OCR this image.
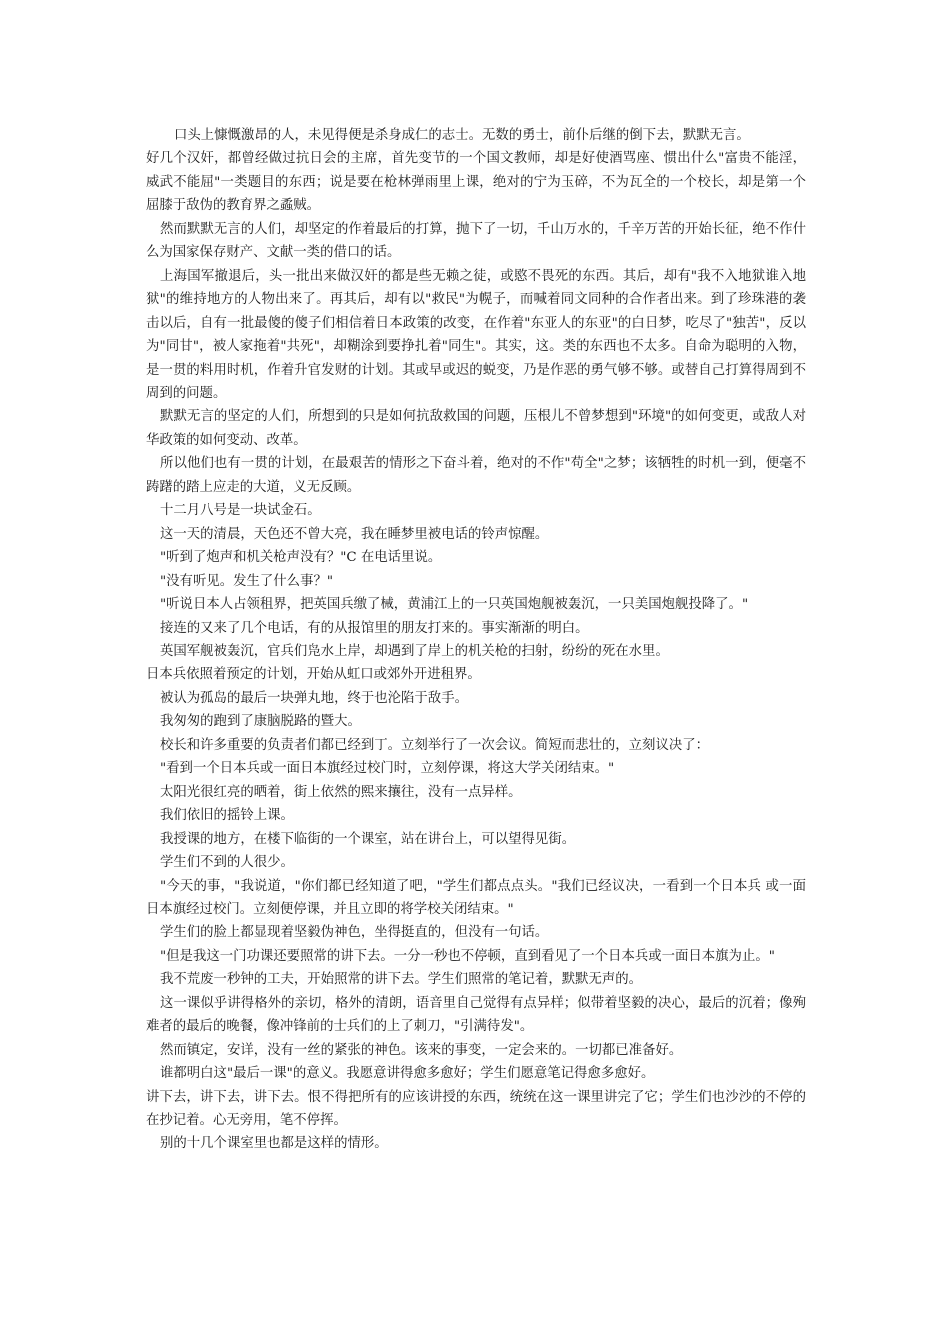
口头上慷慨激昂的人，未见得便是杀身成仁的志士。无数的勇士，前仆后继的倒下去，默默无言。

好几个汉奸，都曾经做过抗日会的主席，首先变节的一个国文教师，却是好使酒骂座、惯出什么"富贵不能淫，威武不能屈"一类题目的东西；说是要在枪林弹雨里上课，绝对的宁为玉碎，不为瓦全的一个校长，却是第一个屈膝于敌伪的教育界之蟊贼。

然而默默无言的人们，却坚定的作着最后的打算，抛下了一切，千山万水的，千辛万苦的开始长征，绝不作什么为国家保存财产、文献一类的借口的话。

上海国军撤退后，头一批出来做汉奸的都是些无赖之徒，或愍不畏死的东西。其后，却有"我不入地狱谁入地狱"的维持地方的人物出来了。再其后，却有以"救民"为幌子，而喊着同文同种的合作者出来。到了珍珠港的袭击以后，自有一批最傻的傻子们相信着日本政策的改变，在作着"东亚人的东亚"的白日梦，吃尽了"独苦"，反以为"同甘"，被人家拖着"共死"，却糊涂到要挣扎着"同生"。其实，这。类的东西也不太多。自命为聪明的入物，是一贯的料用时机，作着升官发财的计划。其或早或迟的蜕变，乃是作恶的勇气够不够。或替自己打算得周到不周到的问题。

默默无言的坚定的人们，所想到的只是如何抗敌救国的问题，压根儿不曾梦想到"环境"的如何变更，或敌人对华政策的如何变动、改革。

所以他们也有一贯的计划，在最艰苦的情形之下奋斗着，绝对的不作"苟全"之梦；该牺牲的时机一到，便毫不踌躇的踏上应走的大道，义无反顾。

十二月八号是一块试金石。

这一天的清晨，天色还不曾大亮，我在睡梦里被电话的铃声惊醒。

"听到了炮声和机关枪声没有？"C 在电话里说。

"没有听见。发生了什么事？"

"听说日本人占领租界，把英国兵缴了械，黄浦江上的一只英国炮舰被轰沉，一只美国炮舰投降了。"

接连的又来了几个电话，有的从报馆里的朋友打来的。事实渐渐的明白。

英国军舰被轰沉，官兵们凫水上岸，却遇到了岸上的机关枪的扫射，纷纷的死在水里。

日本兵依照着预定的计划，开始从虹口或郊外开进租界。

被认为孤岛的最后一块弹丸地，终于也沦陷于敌手。

我匆匆的跑到了康脑脱路的暨大。

校长和许多重要的负责者们都已经到丁。立刻举行了一次会议。简短而悲壮的，立刻议决了：

"看到一个日本兵或一面日本旗经过校门时，立刻停课，将这大学关闭结束。"

太阳光很红亮的晒着，街上依然的熙来攘往，没有一点异样。

我们依旧的摇铃上课。

我授课的地方，在楼下临街的一个课室，站在讲台上，可以望得见街。

学生们不到的人很少。

"今天的事，"我说道，"你们都已经知道了吧，"学生们都点点头。"我们已经议决，一看到一个日本兵 或一面日本旗经过校门。立刻便停课，并且立即的将学校关闭结束。"

学生们的脸上都显现着坚毅伪神色，坐得挺直的，但没有一句话。

"但是我这一门功课还要照常的讲下去。一分一秒也不停顿，直到看见了一个日本兵或一面日本旗为止。"

我不荒废一秒钟的工夫，开始照常的讲下去。学生们照常的笔记着，默默无声的。

这一课似乎讲得格外的亲切，格外的清朗，语音里自己觉得有点异样；似带着坚毅的决心，最后的沉着；像殉难者的最后的晚餐，像冲锋前的士兵们的上了刺刀，"引满待发"。

然而镇定，安详，没有一丝的紧张的神色。该来的事变，一定会来的。一切都已准备好。

谁都明白这"最后一课"的意义。我愿意讲得愈多愈好；学生们愿意笔记得愈多愈好。

讲下去，讲下去，讲下去。恨不得把所有的应该讲授的东西，统统在这一课里讲完了它；学生们也沙沙的不停的在抄记着。心无旁用，笔不停挥。

别的十几个课室里也都是这样的情形。
